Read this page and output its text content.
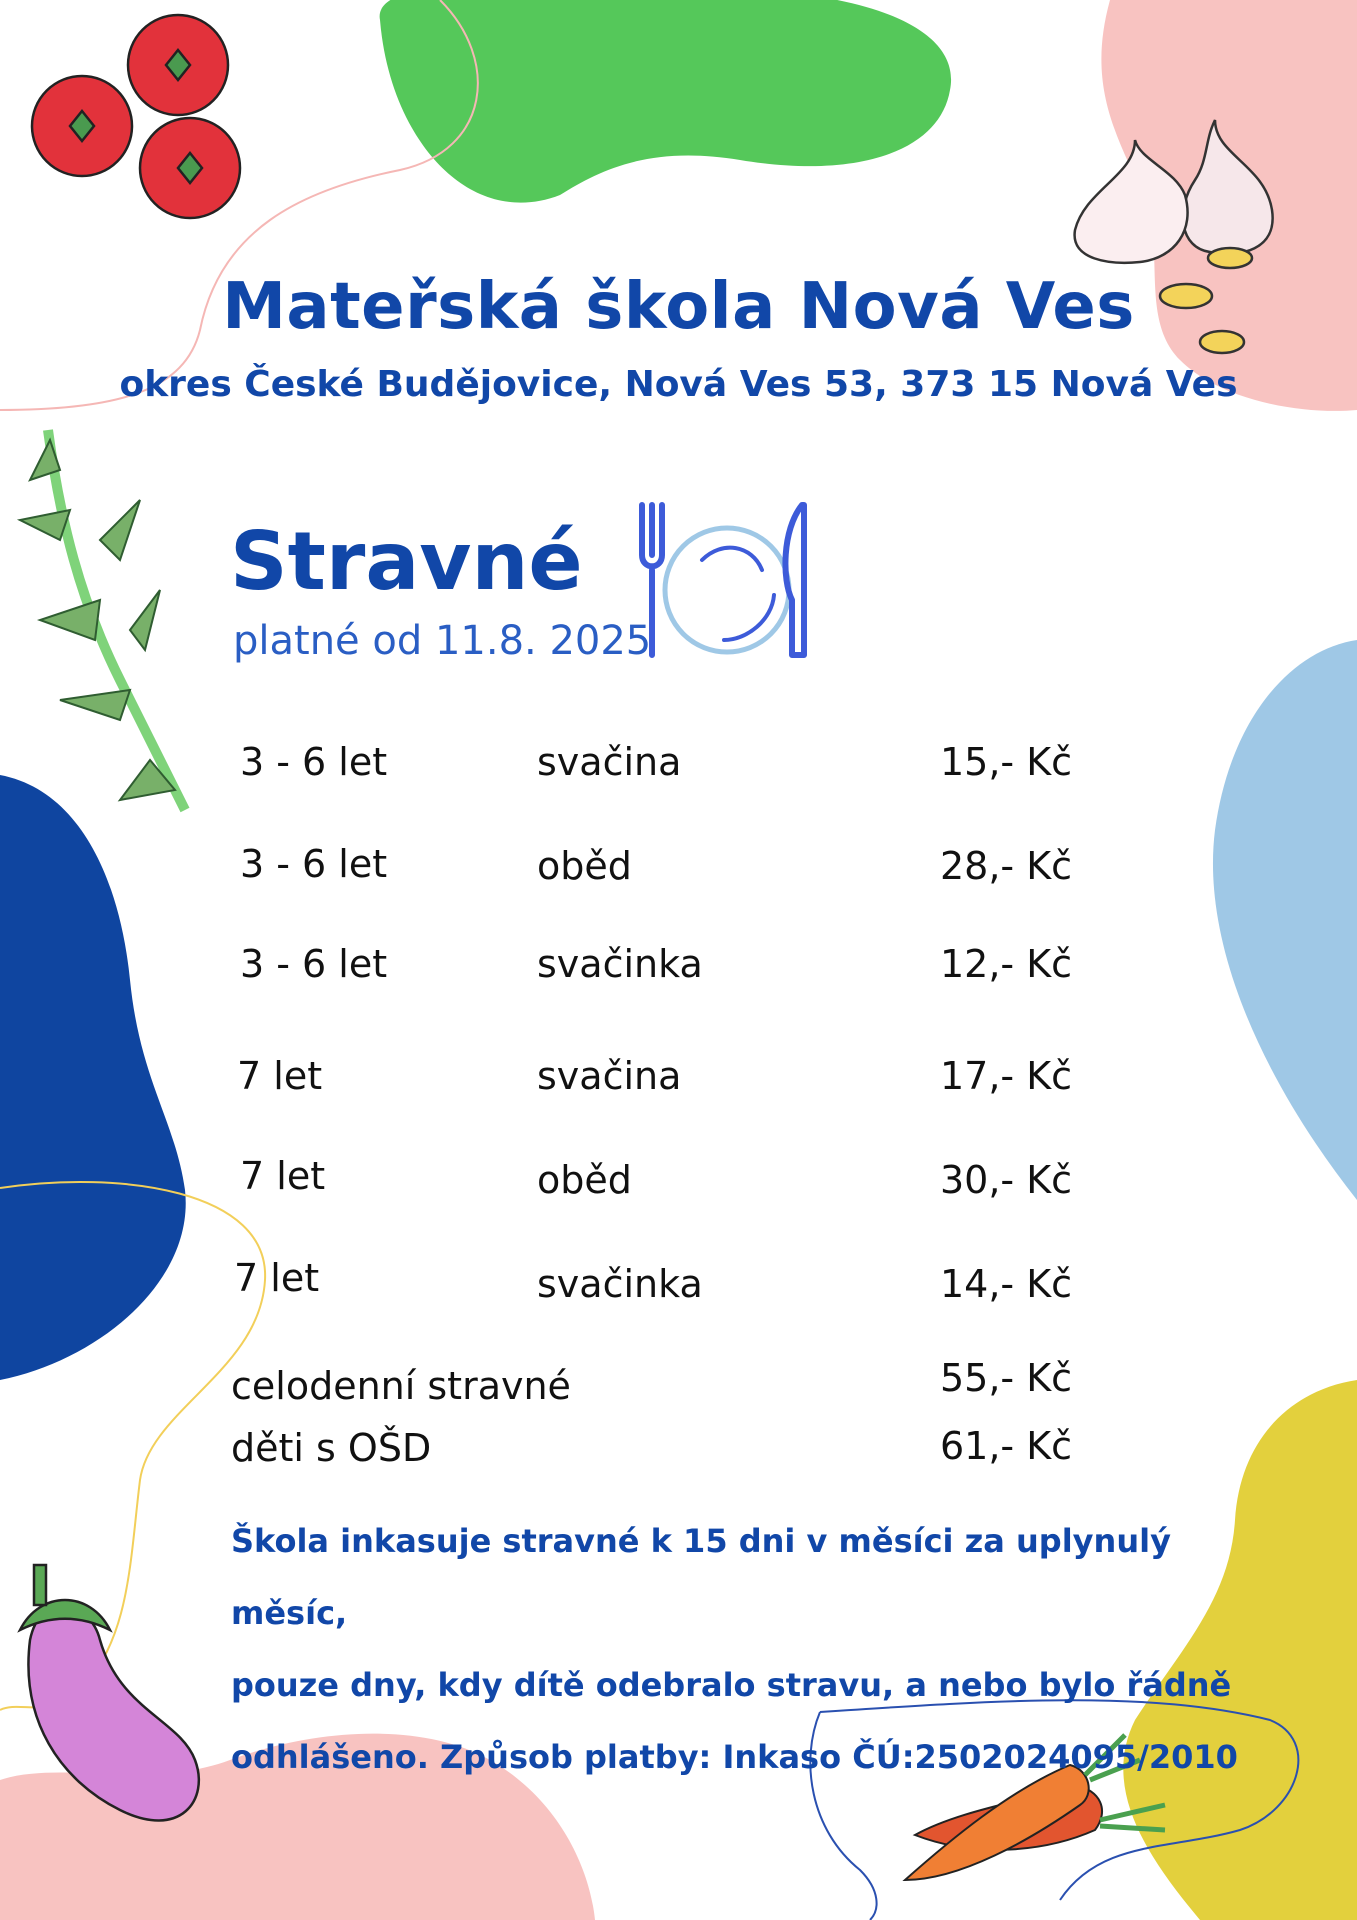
Mateřská škola Nová Ves
okres České Budějovice, Nová Ves 53, 373 15 Nová Ves
Stravné
platné od 11.8. 2025
3 - 6 let	svačina	15,- Kč
3 - 6 let	oběd	28,- Kč
3 - 6 let	svačinka	12,- Kč
7 let	svačina	17,- Kč
7 let	oběd	30,- Kč
7 let	svačinka	14,- Kč
celodenní stravné	55,- Kč
děti s OŠD	61,- Kč
Škola inkasuje stravné k 15 dni v měsíci za uplynulý měsíc,
pouze dny, kdy dítě odebralo stravu, a nebo bylo řádně
odhlášeno. Způsob platby: Inkaso ČÚ:2502024095/2010
